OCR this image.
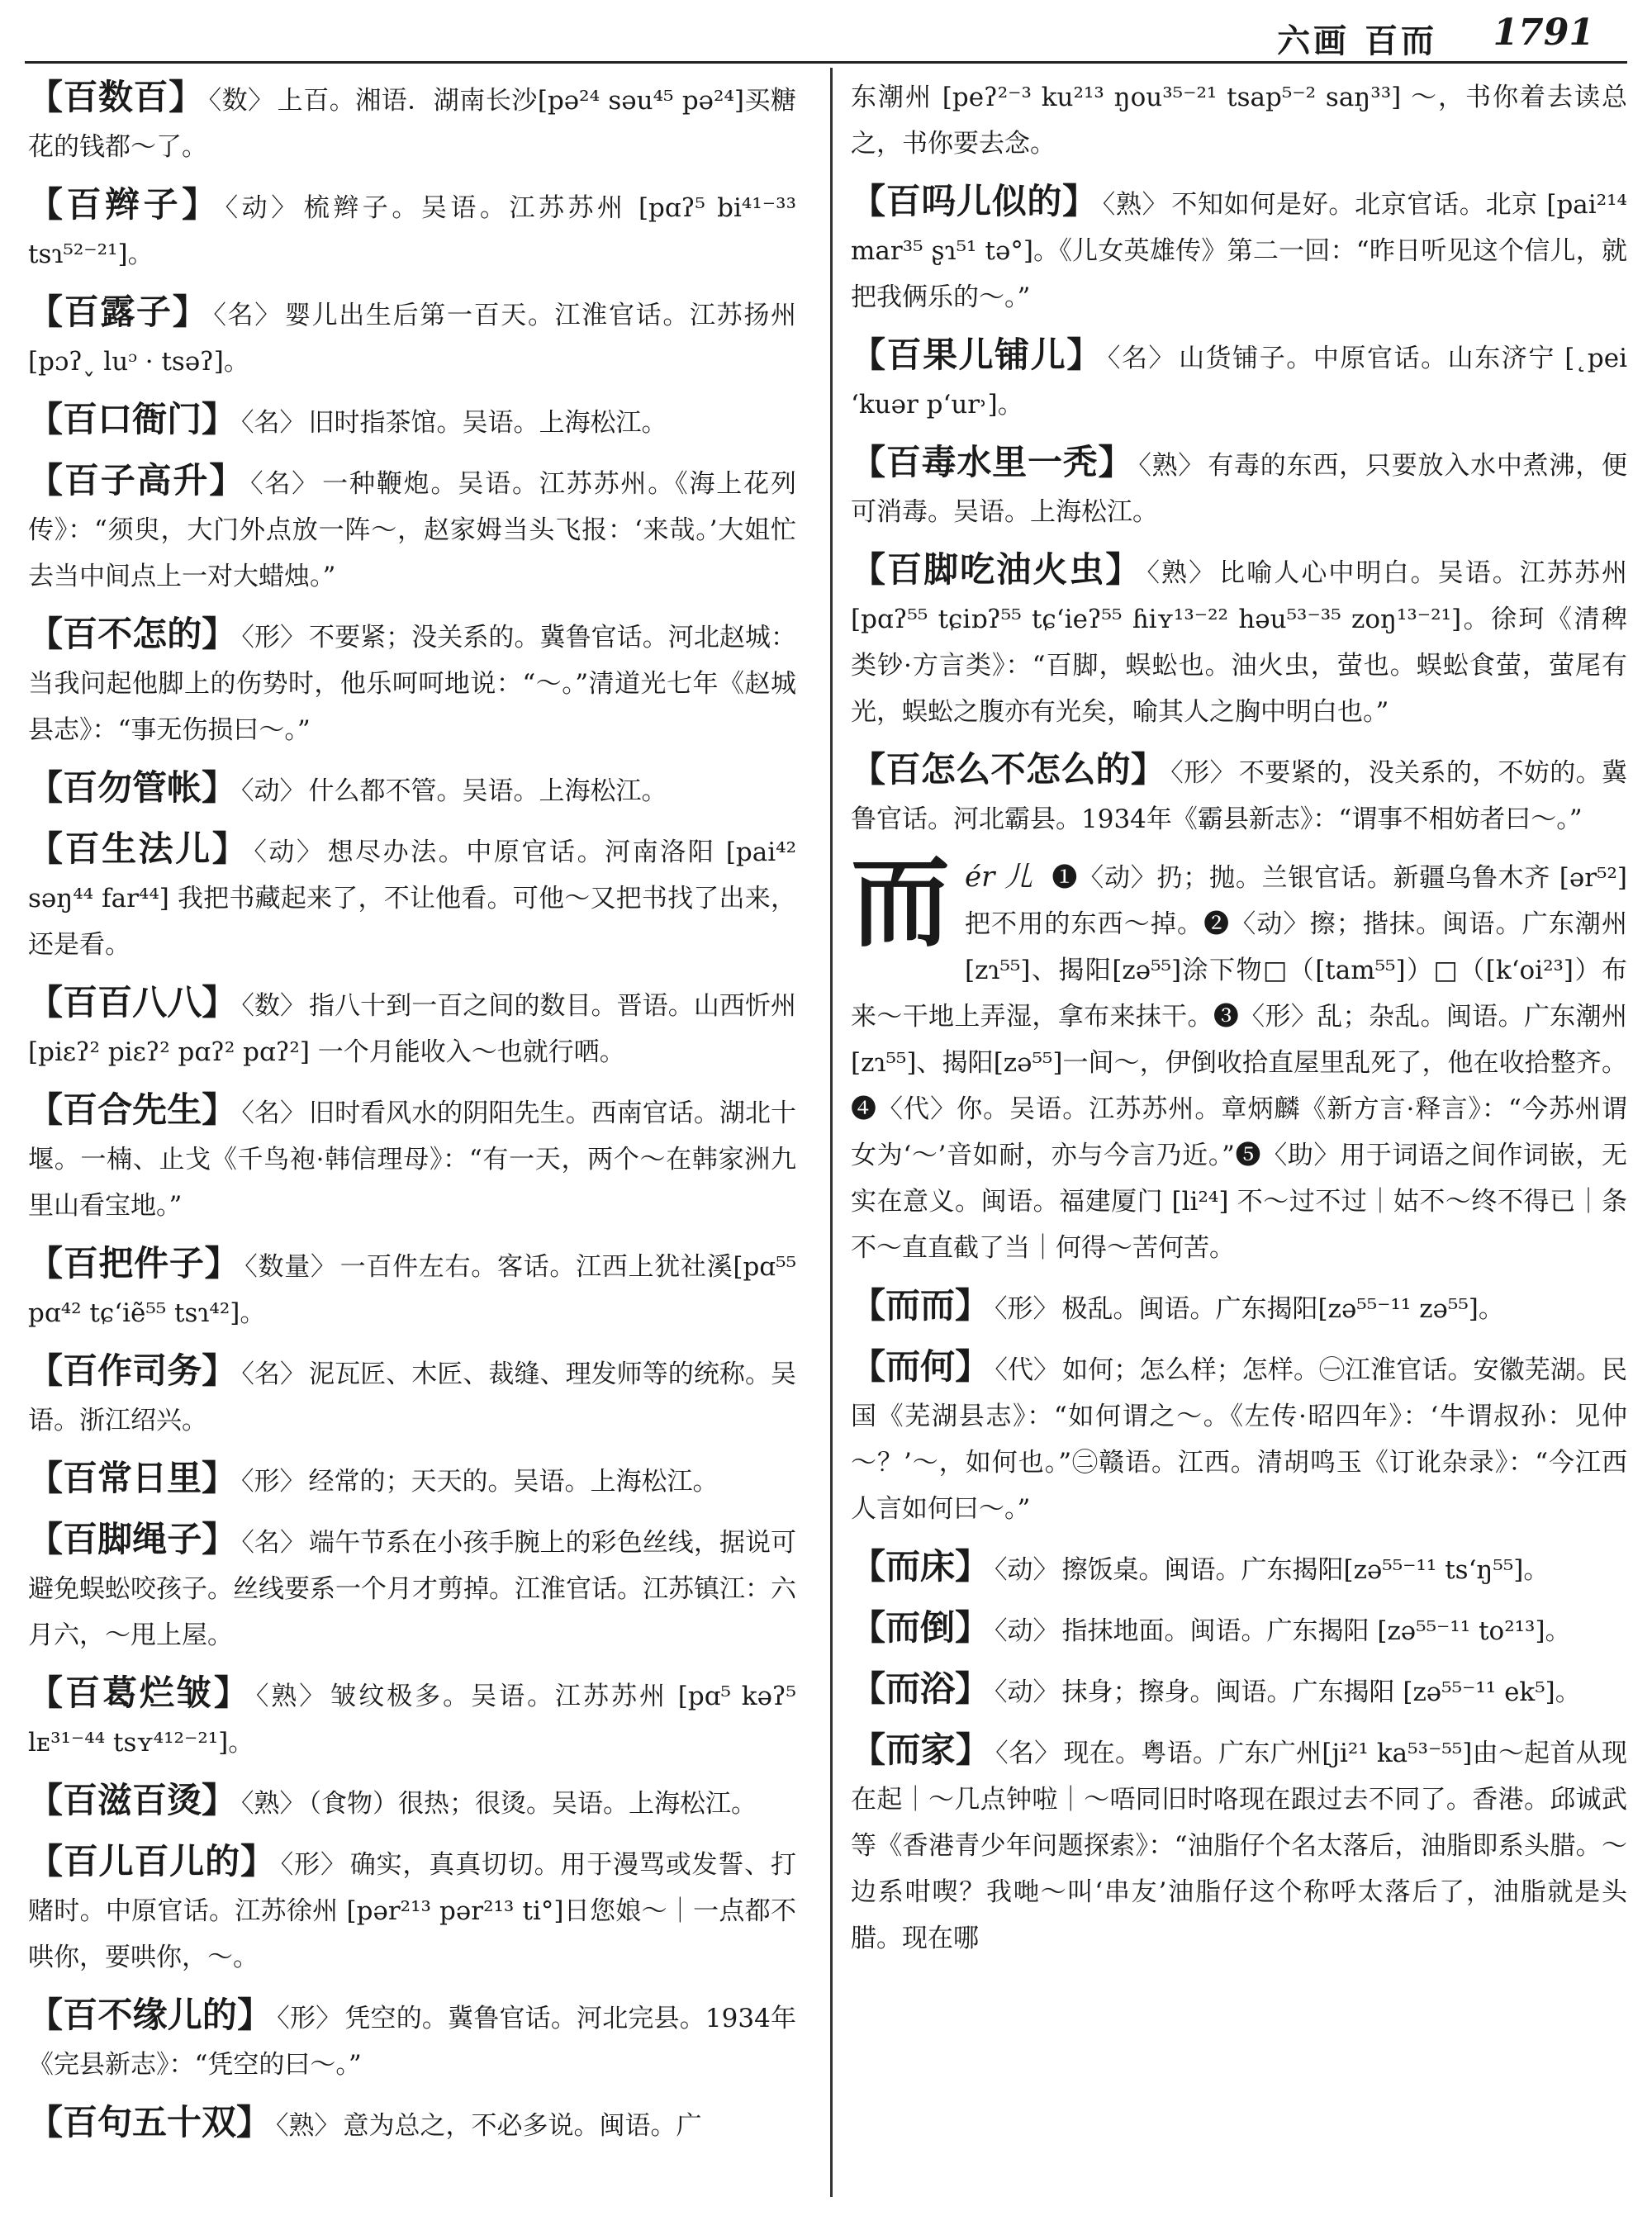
六画 百而 1791
【百数百】 〈数〉 上百。湘语．湖南长沙[pə²⁴ səu⁴⁵ pə²⁴]买糖花的钱都～了。
【百辫子】 〈动〉 梳辫子。吴语。江苏苏州 [pɑʔ⁵ bi⁴¹⁻³³ tsɿ⁵²⁻²¹]。
【百露子】 〈名〉 婴儿出生后第一百天。江淮官话。江苏扬州[pɔʔ˯ luᵓ · tsəʔ]。
【百口衙门】 〈名〉 旧时指茶馆。吴语。上海松江。
【百子高升】 〈名〉 一种鞭炮。吴语。江苏苏州。《海上花列传》：“须臾，大门外点放一阵～，赵家姆当头飞报：‘来哉。’大姐忙去当中间点上一对大蜡烛。”
【百不怎的】 〈形〉 不要紧；没关系的。冀鲁官话。河北赵城：当我问起他脚上的伤势时，他乐呵呵地说：“～。”清道光七年《赵城县志》：“事无伤损曰～。”
【百勿管帐】 〈动〉 什么都不管。吴语。上海松江。
【百生法儿】 〈动〉 想尽办法。中原官话。河南洛阳 [pai⁴² səŋ⁴⁴ far⁴⁴] 我把书藏起来了，不让他看。可他～又把书找了出来，还是看。
【百百八八】 〈数〉 指八十到一百之间的数目。晋语。山西忻州 [piɛʔ² piɛʔ² pɑʔ² pɑʔ²] 一个月能收入～也就行哂。
【百合先生】 〈名〉 旧时看风水的阴阳先生。西南官话。湖北十堰。一楠、止戈《千鸟袍·韩信理母》：“有一天，两个～在韩家洲九里山看宝地。”
【百把件子】 〈数量〉 一百件左右。客话。江西上犹社溪[pɑ⁵⁵ pɑ⁴² tɕʻiẽ⁵⁵ tsɿ⁴²]。
【百作司务】 〈名〉 泥瓦匠、木匠、裁缝、理发师等的统称。吴语。浙江绍兴。
【百常日里】 〈形〉 经常的；天天的。吴语。上海松江。
【百脚绳子】 〈名〉 端午节系在小孩手腕上的彩色丝线，据说可避免蜈蚣咬孩子。丝线要系一个月才剪掉。江淮官话。江苏镇江：六月六，～甩上屋。
【百葛烂皱】 〈熟〉 皱纹极多。吴语。江苏苏州 [pɑ⁵ kəʔ⁵ lᴇ³¹⁻⁴⁴ tsʏ⁴¹²⁻²¹]。
【百滋百烫】 〈熟〉 （食物）很热；很烫。吴语。上海松江。
【百儿百儿的】 〈形〉 确实，真真切切。用于漫骂或发誓、打赌时。中原官话。江苏徐州 [pər²¹³ pər²¹³ ti°]日您娘～｜一点都不哄你，要哄你，～。
【百不缘儿的】 〈形〉 凭空的。冀鲁官话。河北完县。1934年《完县新志》：“凭空的曰～。”
【百句五十双】 〈熟〉 意为总之，不必多说。闽语。广
东潮州 [peʔ²⁻³ ku²¹³ ŋou³⁵⁻²¹ tsap⁵⁻² saŋ³³] ～，书你着去读总之，书你要去念。
【百吗儿似的】 〈熟〉 不知如何是好。北京官话。北京 [pai²¹⁴ mar³⁵ ʂɿ⁵¹ tə°]。《儿女英雄传》第二一回：“昨日听见这个信儿，就把我俩乐的～。”
【百果儿铺儿】 〈名〉 山货铺子。中原官话。山东济宁 [˛pei ʻkuər pʻur˒]。
【百毒水里一秃】 〈熟〉 有毒的东西，只要放入水中煮沸，便可消毒。吴语。上海松江。
【百脚吃油火虫】 〈熟〉 比喻人心中明白。吴语。江苏苏州 [pɑʔ⁵⁵ tɕiɒʔ⁵⁵ tɕʻieʔ⁵⁵ ɦiʏ¹³⁻²² həu⁵³⁻³⁵ zoŋ¹³⁻²¹]。徐珂《清稗类钞·方言类》：“百脚，蜈蚣也。油火虫，萤也。蜈蚣食萤，萤尾有光，蜈蚣之腹亦有光矣，喻其人之胸中明白也。”
【百怎么不怎么的】 〈形〉 不要紧的，没关系的，不妨的。冀鲁官话。河北霸县。1934年《霸县新志》：“谓事不相妨者曰～。”
而 ér 儿 ❶〈动〉扔；抛。兰银官话。新疆乌鲁木齐 [ər⁵²]把不用的东西～掉。❷〈动〉擦；揩抹。闽语。广东潮州[zɿ⁵⁵]、揭阳[zə⁵⁵]涂下物□（[tam⁵⁵]）□（[kʻoi²³]）布来～干地上弄湿，拿布来抹干。❸〈形〉乱；杂乱。闽语。广东潮州[zɿ⁵⁵]、揭阳[zə⁵⁵]一间～，伊倒收拾直屋里乱死了，他在收拾整齐。❹〈代〉你。吴语。江苏苏州。章炳麟《新方言·释言》：“今苏州谓女为‘～’音如耐，亦与今言乃近。”❺〈助〉用于词语之间作词嵌，无实在意义。闽语。福建厦门 [li²⁴] 不～过不过｜姑不～终不得已｜条不～直直截了当｜何得～苦何苦。
【而而】 〈形〉 极乱。闽语。广东揭阳[zə⁵⁵⁻¹¹ zə⁵⁵]。
【而何】 〈代〉 如何；怎么样；怎样。㊀江淮官话。安徽芜湖。民国《芜湖县志》：“如何谓之～。《左传·昭四年》：‘牛谓叔孙：见仲～？’～，如何也。”㊁赣语。江西。清胡鸣玉《订讹杂录》：“今江西人言如何曰～。”
【而床】 〈动〉 擦饭桌。闽语。广东揭阳[zə⁵⁵⁻¹¹ tsʻŋ⁵⁵]。
【而倒】 〈动〉 指抹地面。闽语。广东揭阳 [zə⁵⁵⁻¹¹ to²¹³]。
【而浴】 〈动〉 抹身；擦身。闽语。广东揭阳 [zə⁵⁵⁻¹¹ ek⁵]。
【而家】 〈名〉 现在。粤语。广东广州[ji²¹ ka⁵³⁻⁵⁵]由～起首从现在起｜～几点钟啦｜～唔同旧时咯现在跟过去不同了。香港。邱诚武等《香港青少年问题探索》：“油脂仔个名太落后，油脂即系头腊。～边系咁喫？我哋～叫‘串友’油脂仔这个称呼太落后了，油脂就是头腊。现在哪
